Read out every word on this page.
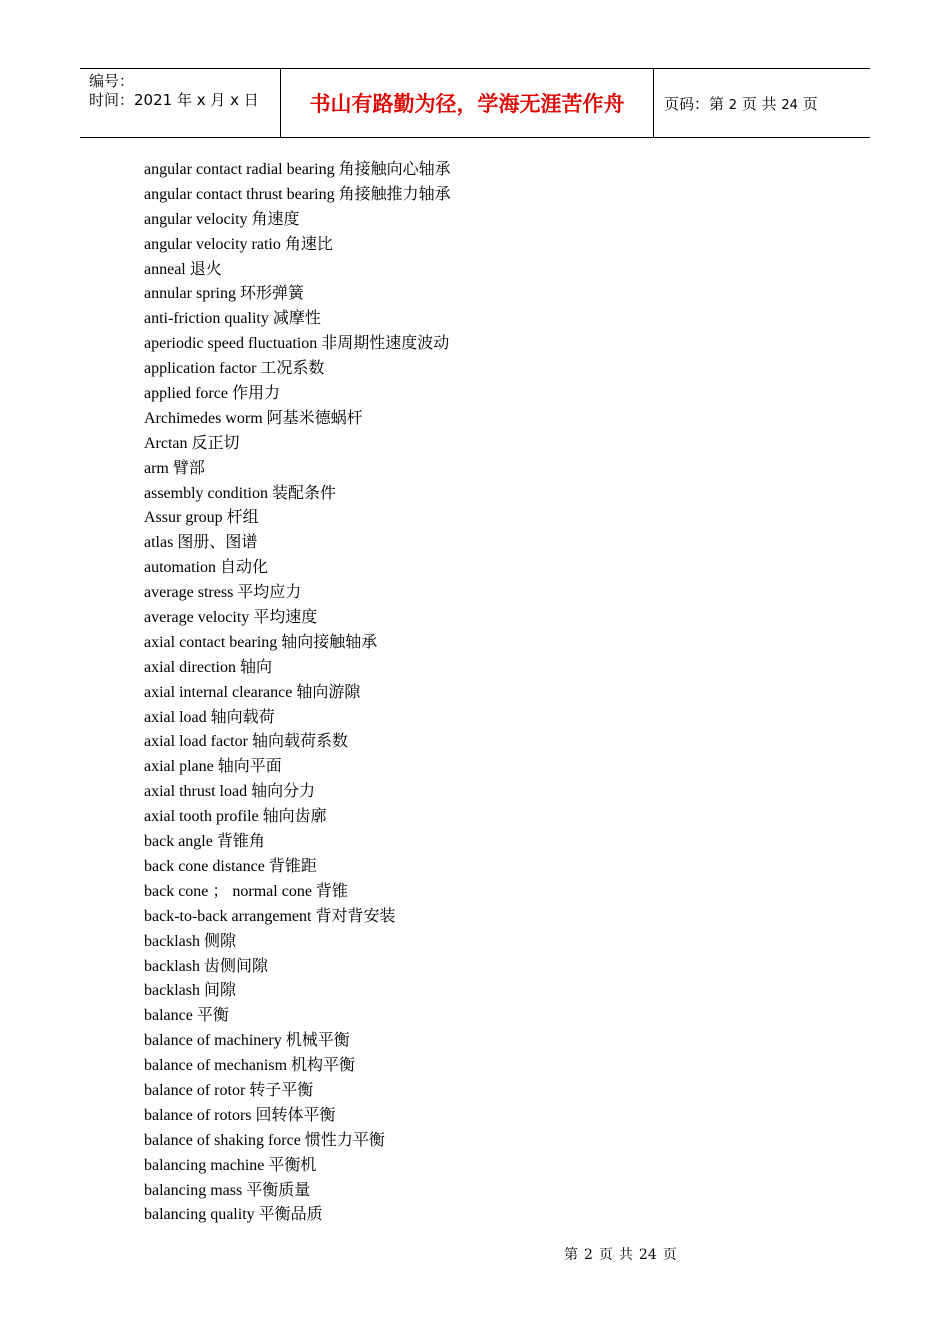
编号：
时间：2021 年 x 月 x 日	书山有路勤为径，学海无涯苦作舟	页码：第 2 页 共 24 页
angular contact radial bearing 角接触向心轴承
angular contact thrust bearing 角接触推力轴承
angular velocity 角速度
angular velocity ratio 角速比
anneal 退火
annular spring 环形弹簧
anti-friction quality 减摩性
aperiodic speed fluctuation 非周期性速度波动
application factor 工况系数
applied force 作用力
Archimedes worm 阿基米德蜗杆
Arctan 反正切
arm 臂部
assembly condition 装配条件
Assur group 杆组
atlas 图册、图谱
automation 自动化
average stress 平均应力
average velocity 平均速度
axial contact bearing 轴向接触轴承
axial direction 轴向
axial internal clearance 轴向游隙
axial load 轴向载荷
axial load factor 轴向载荷系数
axial plane 轴向平面
axial thrust load 轴向分力
axial tooth profile 轴向齿廓
back angle 背锥角
back cone distance 背锥距
back cone ； normal cone 背锥
back-to-back arrangement 背对背安装
backlash 侧隙
backlash 齿侧间隙
backlash 间隙
balance 平衡
balance of machinery 机械平衡
balance of mechanism 机构平衡
balance of rotor 转子平衡
balance of rotors 回转体平衡
balance of shaking force 惯性力平衡
balancing machine 平衡机
balancing mass 平衡质量
balancing quality 平衡品质
第 2 页 共 24 页
